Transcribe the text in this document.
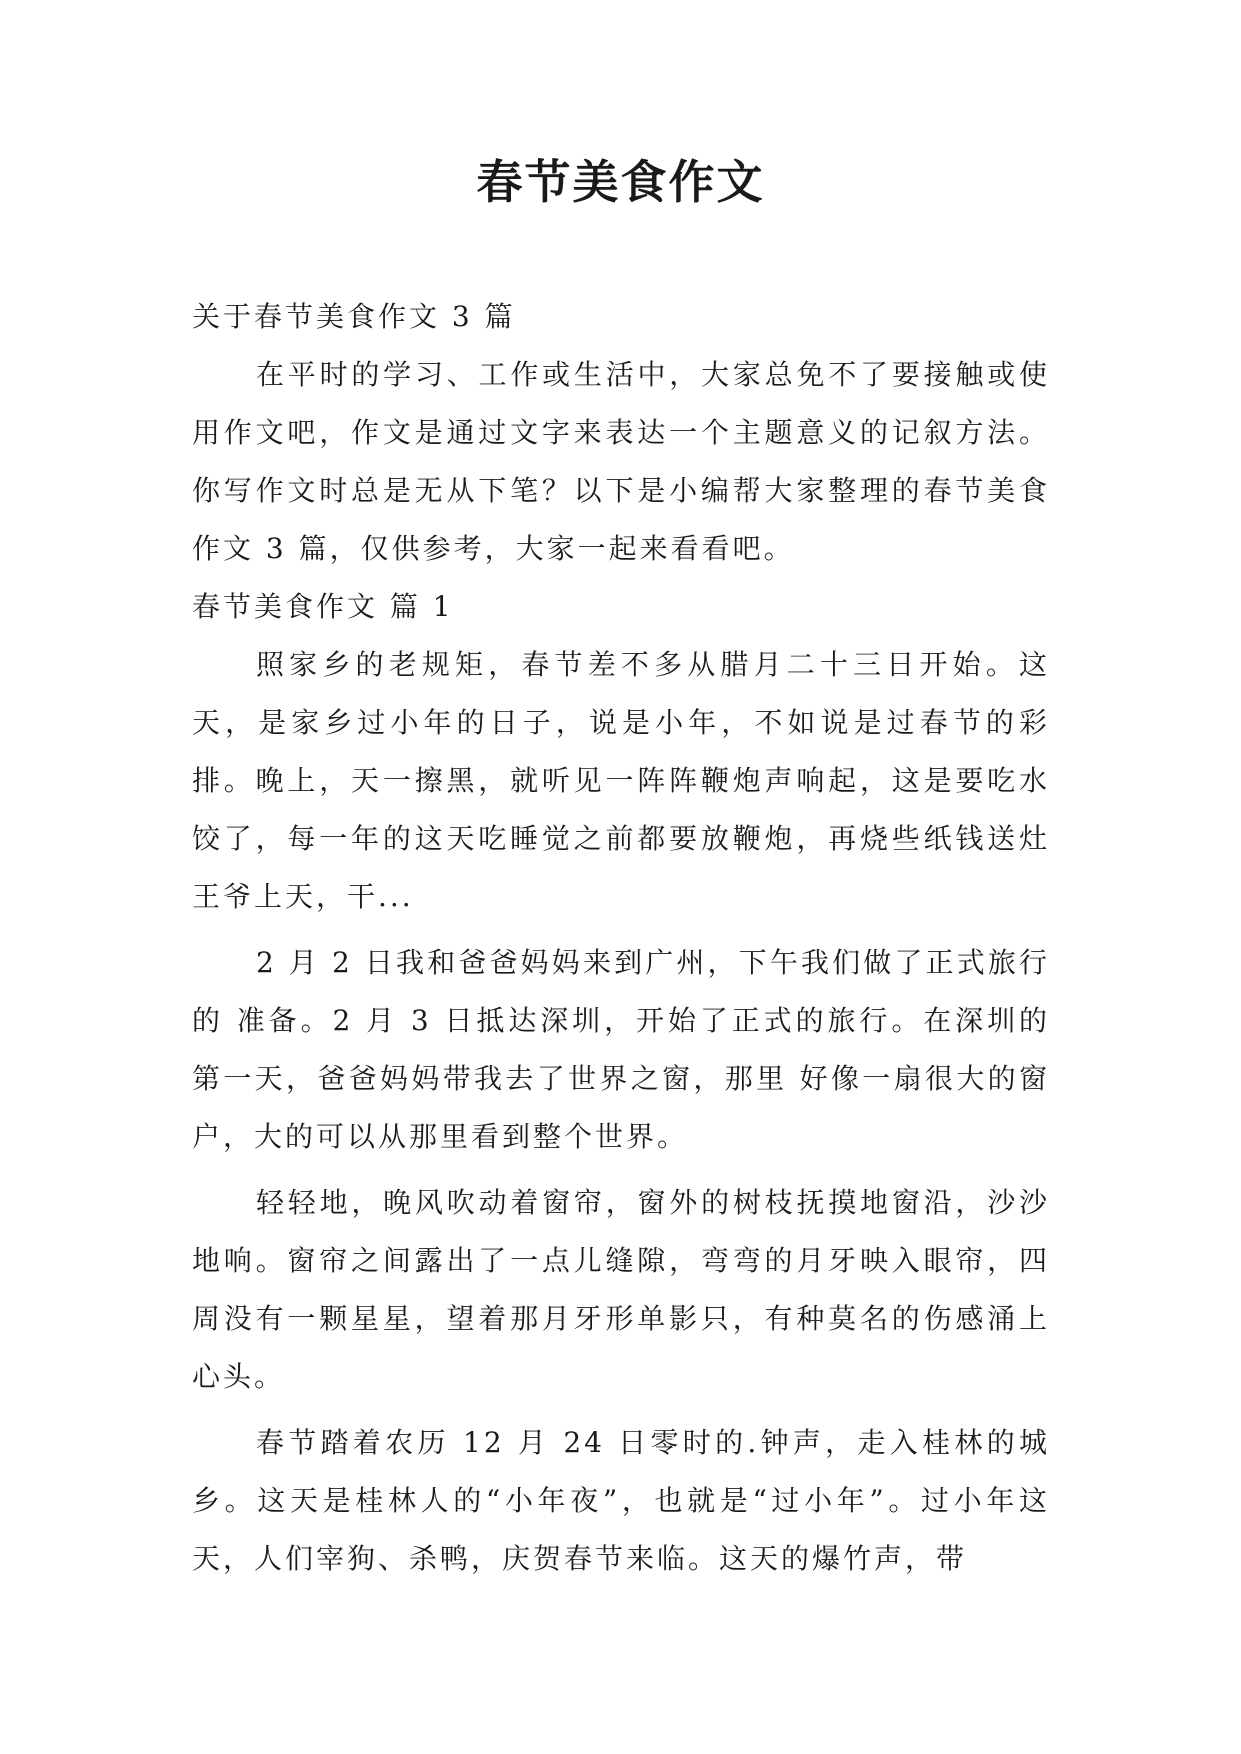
春节美食作文

关于春节美食作文 3 篇

在平时的学习、工作或生活中，大家总免不了要接触或使用作文吧，作文是通过文字来表达一个主题意义的记叙方法。你写作文时总是无从下笔？以下是小编帮大家整理的春节美食作文 3 篇，仅供参考，大家一起来看看吧。

春节美食作文 篇 1

照家乡的老规矩，春节差不多从腊月二十三日开始。这天，是家乡过小年的日子，说是小年，不如说是过春节的彩排。晚上，天一擦黑，就听见一阵阵鞭炮声响起，这是要吃水饺了，每一年的这天吃睡觉之前都要放鞭炮，再烧些纸钱送灶王爷上天，干...

2 月 2 日我和爸爸妈妈来到广州，下午我们做了正式旅行的 准备。2 月 3 日抵达深圳，开始了正式的旅行。在深圳的第一天，爸爸妈妈带我去了世界之窗，那里 好像一扇很大的窗户，大的可以从那里看到整个世界。

轻轻地，晚风吹动着窗帘，窗外的树枝抚摸地窗沿，沙沙地响。窗帘之间露出了一点儿缝隙，弯弯的月牙映入眼帘，四周没有一颗星星，望着那月牙形单影只，有种莫名的伤感涌上心头。

春节踏着农历 12 月 24 日零时的.钟声，走入桂林的城乡。这天是桂林人的“小年夜”，也就是“过小年”。过小年这天，人们宰狗、杀鸭，庆贺春节来临。这天的爆竹声，带
